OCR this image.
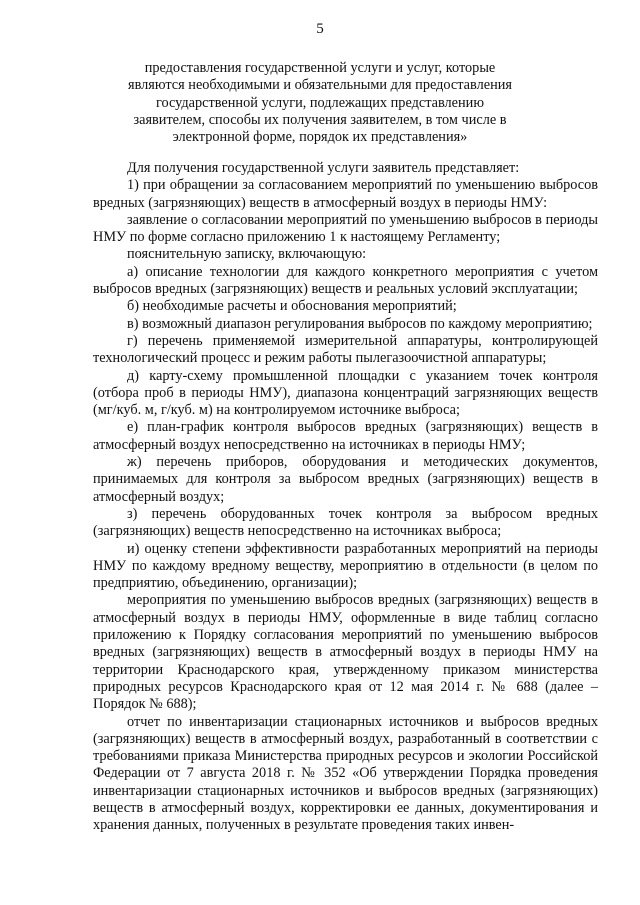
5
предоставления государственной услуги и услуг, которые являются необходимыми и обязательными для предоставления государственной услуги, подлежащих представлению заявителем, способы их получения заявителем, в том числе в электронной форме, порядок их представления»

Для получения государственной услуги заявитель представляет:

1) при обращении за согласованием мероприятий по уменьшению выбросов вредных (загрязняющих) веществ в атмосферный воздух в периоды НМУ:

заявление о согласовании мероприятий по уменьшению выбросов в периоды НМУ по форме согласно приложению 1 к настоящему Регламенту;

пояснительную записку, включающую:

а) описание технологии для каждого конкретного мероприятия с учетом выбросов вредных (загрязняющих) веществ и реальных условий эксплуатации;

б) необходимые расчеты и обоснования мероприятий;

в) возможный диапазон регулирования выбросов по каждому мероприятию;

г) перечень применяемой измерительной аппаратуры, контролирующей технологический процесс и режим работы пылегазоочистной аппаратуры;

д) карту-схему промышленной площадки с указанием точек контроля (отбора проб в периоды НМУ), диапазона концентраций загрязняющих веществ (мг/куб. м, г/куб. м) на контролируемом источнике выброса;

е) план-график контроля выбросов вредных (загрязняющих) веществ в атмосферный воздух непосредственно на источниках в периоды НМУ;

ж) перечень приборов, оборудования и методических документов, принимаемых для контроля за выбросом вредных (загрязняющих) веществ в атмосферный воздух;

з) перечень оборудованных точек контроля за выбросом вредных (загрязняющих) веществ непосредственно на источниках выброса;

и) оценку степени эффективности разработанных мероприятий на периоды НМУ по каждому вредному веществу, мероприятию в отдельности (в целом по предприятию, объединению, организации);

мероприятия по уменьшению выбросов вредных (загрязняющих) веществ в атмосферный воздух в периоды НМУ, оформленные в виде таблиц согласно приложению к Порядку согласования мероприятий по уменьшению выбросов вредных (загрязняющих) веществ в атмосферный воздух в периоды НМУ на территории Краснодарского края, утвержденному приказом министерства природных ресурсов Краснодарского края от 12 мая 2014 г. № 688 (далее – Порядок № 688);

отчет по инвентаризации стационарных источников и выбросов вредных (загрязняющих) веществ в атмосферный воздух, разработанный в соответствии с требованиями приказа Министерства природных ресурсов и экологии Российской Федерации от 7 августа 2018 г. № 352 «Об утверждении Порядка проведения инвентаризации стационарных источников и выбросов вредных (загрязняющих) веществ в атмосферный воздух, корректировки ее данных, документирования и хранения данных, полученных в результате проведения таких инвен-
